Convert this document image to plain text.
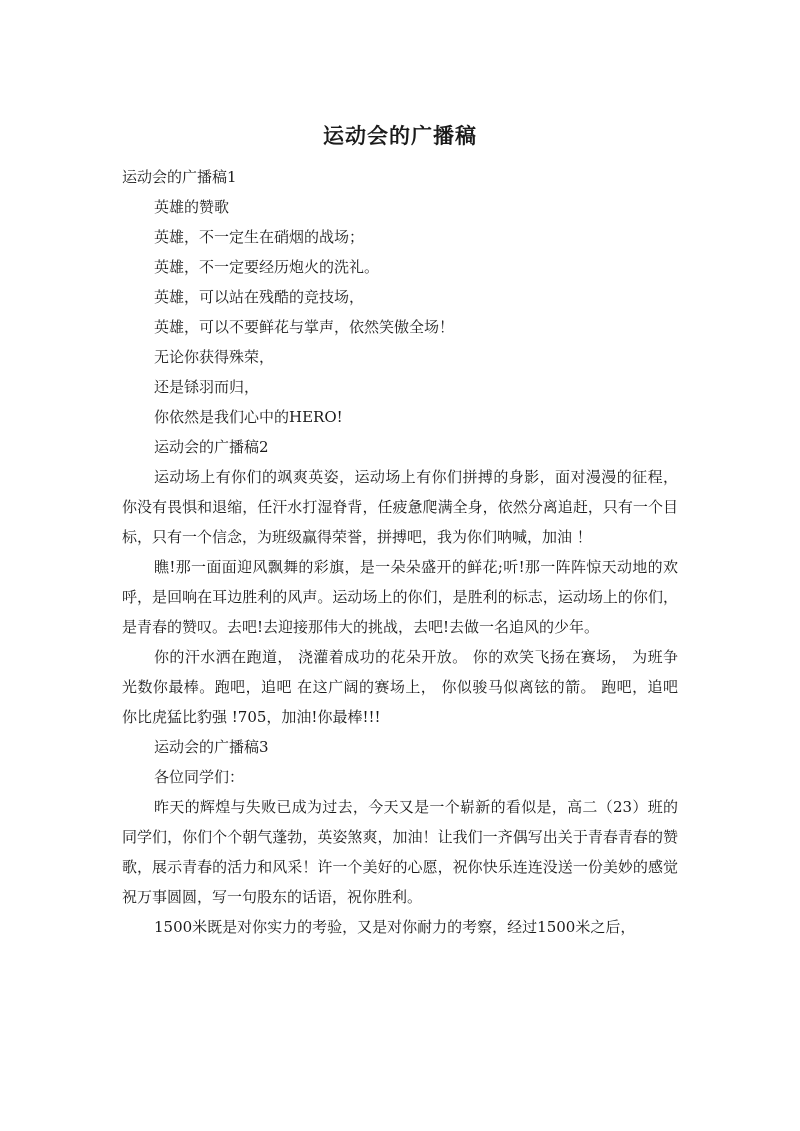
运动会的广播稿

运动会的广播稿1

英雄的赞歌

英雄，不一定生在硝烟的战场；

英雄，不一定要经历炮火的洗礼。

英雄，可以站在残酷的竞技场，

英雄，可以不要鲜花与掌声，依然笑傲全场！

无论你获得殊荣，

还是铩羽而归，

你依然是我们心中的HERO!

运动会的广播稿2

运动场上有你们的飒爽英姿，运动场上有你们拼搏的身影，面对漫漫的征程，你没有畏惧和退缩，任汗水打湿脊背，任疲惫爬满全身，依然分离追赶，只有一个目标，只有一个信念，为班级赢得荣誉，拼搏吧，我为你们呐喊，加油 ！

瞧!那一面面迎风飘舞的彩旗，是一朵朵盛开的鲜花;听!那一阵阵惊天动地的欢呼，是回响在耳边胜利的风声。运动场上的你们，是胜利的标志，运动场上的你们，是青春的赞叹。去吧!去迎接那伟大的挑战，去吧!去做一名追风的少年。

你的汗水洒在跑道， 浇灌着成功的花朵开放。 你的欢笑飞扬在赛场， 为班争光数你最棒。跑吧，追吧 在这广阔的赛场上， 你似骏马似离铉的箭。 跑吧，追吧 你比虎猛比豹强 !705，加油!你最棒!!!

运动会的广播稿3

各位同学们：

昨天的辉煌与失败已成为过去，今天又是一个崭新的看似是，高二（23）班的同学们，你们个个朝气蓬勃，英姿煞爽，加油！让我们一齐偶写出关于青春青春的赞歌，展示青春的活力和风采！许一个美好的心愿，祝你快乐连连没送一份美妙的感觉祝万事圆圆，写一句股东的话语，祝你胜利。

1500米既是对你实力的考验，又是对你耐力的考察，经过1500米之后，
